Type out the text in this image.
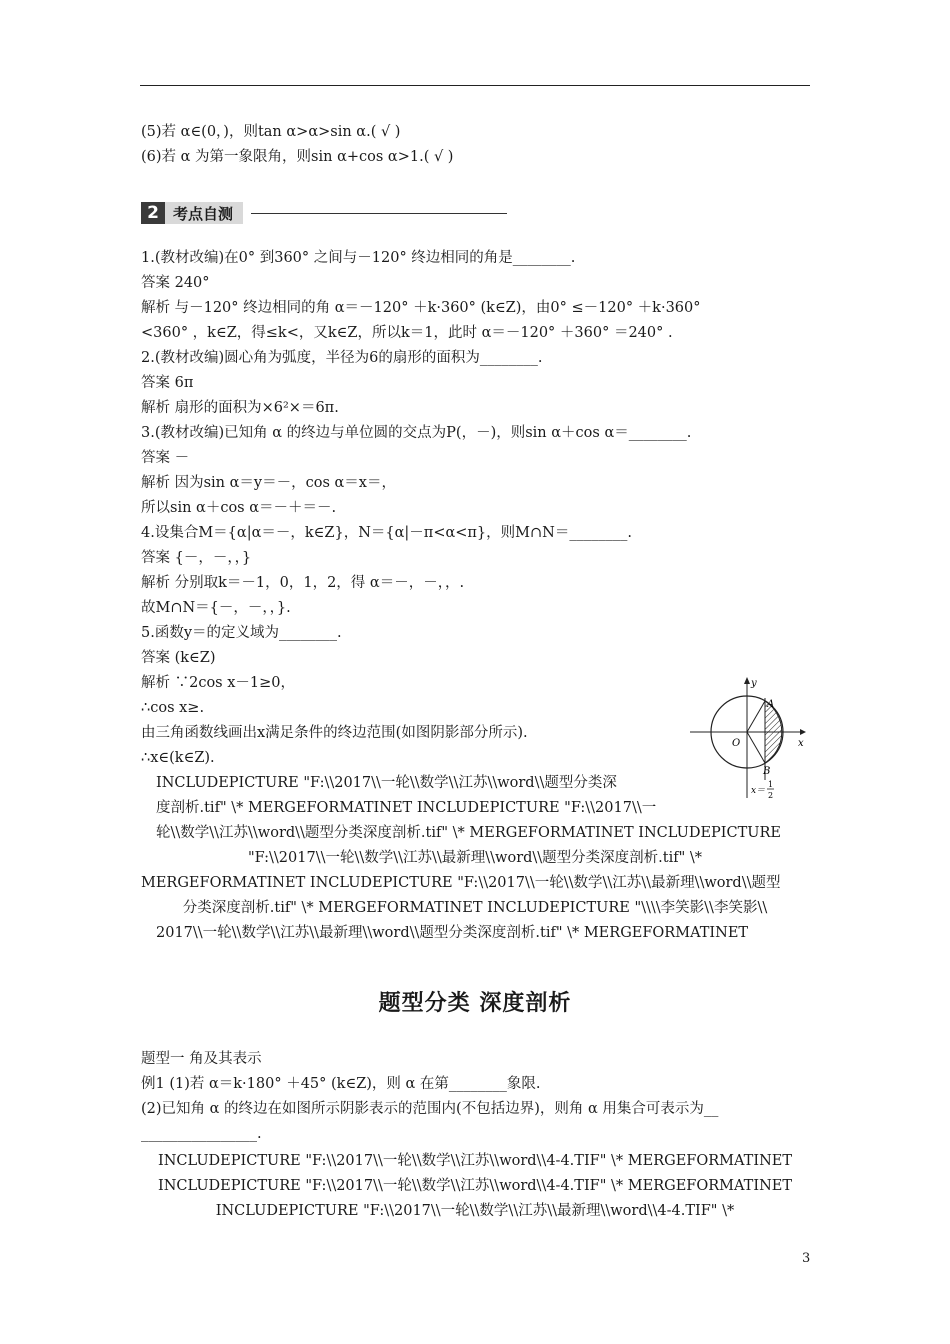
(5)若 α∈(0，)，则tan α>α>sin α.( √ )
(6)若 α 为第一象限角，则sin α+cos α>1.( √ )
1.(教材改编)在0° 到360° 之间与－120° 终边相同的角是________.
答案 240°
解析 与－120° 终边相同的角 α＝－120° ＋k·360° (k∈Z)，由0° ≤－120° ＋k·360°
<360° ，k∈Z，得≤k<，又k∈Z，所以k＝1，此时 α＝－120° ＋360° ＝240° .
2.(教材改编)圆心角为弧度，半径为6的扇形的面积为________.
答案 6π
解析 扇形的面积为×6²×＝6π.
3.(教材改编)已知角 α 的终边与单位圆的交点为P(，－)，则sin α＋cos α＝________.
答案 －
解析 因为sin α＝y＝－，cos α＝x＝，
所以sin α＋cos α＝－＋＝－.
4.设集合M＝{α|α＝－，k∈Z}，N＝{α|－π<α<π}，则M∩N＝________.
答案 {－，－，，}
解析 分别取k＝－1，0，1，2，得 α＝－，－，，.
故M∩N＝{－，－，，}.
5.函数y＝的定义域为________.
答案 (k∈Z)
解析 ∵2cos x－1≥0，
∴cos x≥.
由三角函数线画出x满足条件的终边范围(如图阴影部分所示).
∴x∈(k∈Z).
INCLUDEPICTURE "F:\\2017\\一轮\\数学\\江苏\\word\\题型分类深
度剖析.tif" \* MERGEFORMATINET INCLUDEPICTURE "F:\\2017\\一
轮\\数学\\江苏\\word\\题型分类深度剖析.tif" \* MERGEFORMATINET INCLUDEPICTURE
"F:\\2017\\一轮\\数学\\江苏\\最新理\\word\\题型分类深度剖析.tif" \*
MERGEFORMATINET INCLUDEPICTURE "F:\\2017\\一轮\\数学\\江苏\\最新理\\word\\题型
分类深度剖析.tif" \* MERGEFORMATINET INCLUDEPICTURE "\\\\李笑影\\李笑影\\
2017\\一轮\\数学\\江苏\\最新理\\word\\题型分类深度剖析.tif" \* MERGEFORMATINET
题型一 角及其表示
例1 (1)若 α＝k·180° ＋45° (k∈Z)，则 α 在第________象限.
(2)已知角 α 的终边在如图所示阴影表示的范围内(不包括边界)，则角 α 用集合可表示为__
________________.
INCLUDEPICTURE "F:\\2017\\一轮\\数学\\江苏\\word\\4-4.TIF" \* MERGEFORMATINET
INCLUDEPICTURE "F:\\2017\\一轮\\数学\\江苏\\word\\4-4.TIF" \* MERGEFORMATINET
INCLUDEPICTURE "F:\\2017\\一轮\\数学\\江苏\\最新理\\word\\4-4.TIF" \*
2 考点自测
题型分类 深度剖析
y
x
O
A
B
x＝
1
2
3
